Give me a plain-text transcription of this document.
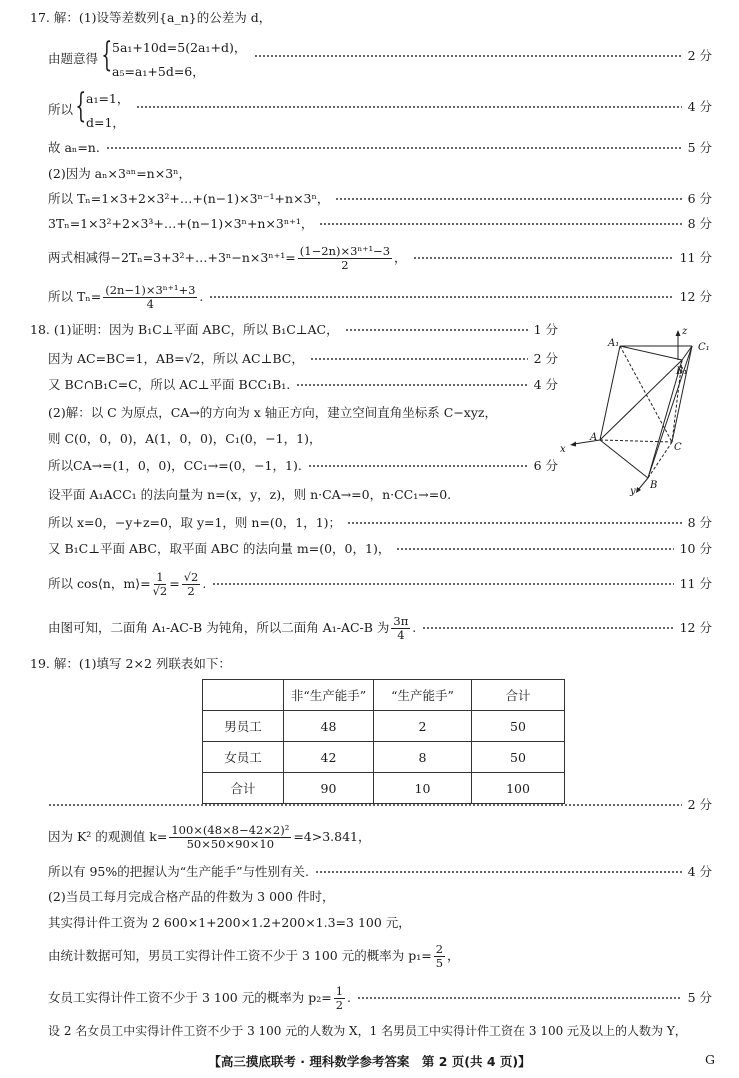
17. 解：(1)设等差数列{a_n}的公差为 d，
由题意得 { 5a₁+10d=5(2a₁+d)，
a₅=a₁+5d=6，
2 分
所以 { a₁=1，
d=1，
4 分
故 aₙ=n.	5 分
(2)因为 aₙ×3ᵃⁿ=n×3ⁿ，
所以 Tₙ=1×3+2×3²+…+(n−1)×3ⁿ⁻¹+n×3ⁿ，	6 分
3Tₙ=1×3²+2×3³+…+(n−1)×3ⁿ+n×3ⁿ⁺¹，	8 分
两式相减得−2Tₙ=3+3²+…+3ⁿ−n×3ⁿ⁺¹= $\frac{\text{(1−2n)×3ⁿ⁺¹−3}}{2}$ ，	11 分
所以 $T_n= \frac{\text{(2n−1)×3ⁿ⁺¹+3}}{4}$ .	12 分
18. (1)证明：因为 B₁C⊥平面 ABC，所以 B₁C⊥AC，	1 分
因为 AC=BC=1，AB=√2，所以 AC⊥BC，	2 分
又 BC∩B₁C=C，所以 AC⊥平面 BCC₁B₁.	4 分
(2)解：以 C 为原点，CA→的方向为 x 轴正方向，建立空间直角坐标系 C−xyz，
则 C(0，0，0)，A(1，0，0)，C₁(0，−1，1)，
所以CA→=(1，0，0)，CC₁→=(0，−1，1).	6 分
设平面 A₁ACC₁ 的法向量为 n=(x，y，z)，则 n·CA→=0，n·CC₁→=0.
所以 x=0，−y+z=0，取 y=1，则 n=(0，1，1)；	8 分
又 B₁C⊥平面 ABC，取平面 ABC 的法向量 m=(0，0，1)，	10 分
所以 cos⟨n，m⟩= $\frac{1}{√2} = \frac{√2}{2}$ .	11 分
由图可知，二面角 A₁-AC-B 为钝角，所以二面角 A₁-AC-B 为 $\frac{3\pi}{4}$ .	12 分
A₁	C₁
B₁
A
C
B
x
y
z
19. 解：(1)填写 2×2 列联表如下：
	非“生产能手”	“生产能手”	合计
男员工	48	2	50
女员工	42	8	50
合计	90	10	100
2 分
因为 K² 的观测值 $k= \frac{\text{100×(48×8−42×2)²}}{50\times 50\times 90\times 10} =4>3.841$，
所以有 95%的把握认为“生产能手”与性别有关.	4 分
(2)当员工每月完成合格产品的件数为 3 000 件时，
其实得计件工资为 2 600×1+200×1.2+200×1.3=3 100 元，
由统计数据可知，男员工实得计件工资不少于 3 100 元的概率为 $p_1= \frac{2}{5}$ ，
女员工实得计件工资不少于 3 100 元的概率为 $p_2= \frac{1}{2}$ .	5 分
设 2 名女员工中实得计件工资不少于 3 100 元的人数为 X，1 名男员工中实得计件工资在 3 100 元及以上的人数为 Y，
【高三摸底联考 · 理科数学参考答案　第 2 页(共 4 页)】	G
